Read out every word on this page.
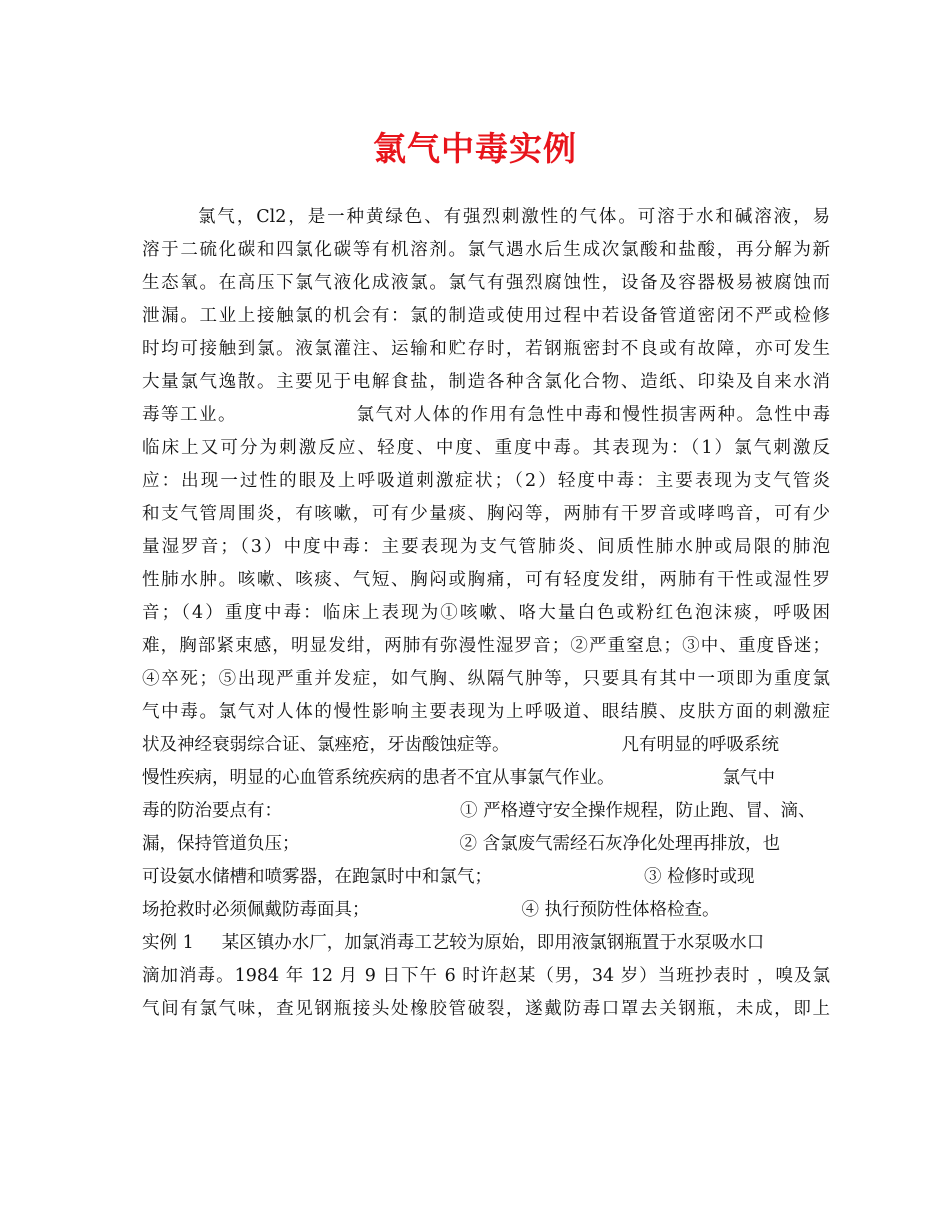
氯气中毒实例
氯气，Cl2，是一种黄绿色、有强烈刺激性的气体。可溶于水和碱溶液，易
溶于二硫化碳和四氯化碳等有机溶剂。氯气遇水后生成次氯酸和盐酸，再分解为新
生态氧。在高压下氯气液化成液氯。氯气有强烈腐蚀性，设备及容器极易被腐蚀而
泄漏。工业上接触氯的机会有：氯的制造或使用过程中若设备管道密闭不严或检修
时均可接触到氯。液氯灌注、运输和贮存时，若钢瓶密封不良或有故障，亦可发生
大量氯气逸散。主要见于电解食盐，制造各种含氯化合物、造纸、印染及自来水消
毒等工业。	氯气对人体的作用有急性中毒和慢性损害两种。急性中毒
临床上又可分为刺激反应、轻度、中度、重度中毒。其表现为：（1）氯气刺激反
应：出现一过性的眼及上呼吸道刺激症状；（2）轻度中毒：主要表现为支气管炎
和支气管周围炎，有咳嗽，可有少量痰、胸闷等，两肺有干罗音或哮鸣音，可有少
量湿罗音；（3）中度中毒：主要表现为支气管肺炎、间质性肺水肿或局限的肺泡
性肺水肿。咳嗽、咳痰、气短、胸闷或胸痛，可有轻度发绀，两肺有干性或湿性罗
音；（4）重度中毒：临床上表现为①咳嗽、咯大量白色或粉红色泡沫痰，呼吸困
难，胸部紧束感，明显发绀，两肺有弥漫性湿罗音；②严重窒息；③中、重度昏迷；
④卒死；⑤出现严重并发症，如气胸、纵隔气肿等，只要具有其中一项即为重度氯
气中毒。氯气对人体的慢性影响主要表现为上呼吸道、眼结膜、皮肤方面的刺激症
状及神经衰弱综合证、氯痤疮，牙齿酸蚀症等。	凡有明显的呼吸系统
慢性疾病，明显的心血管系统疾病的患者不宜从事氯气作业。	氯气中
毒的防治要点有：	① 严格遵守安全操作规程，防止跑、冒、滴、
漏，保持管道负压；	② 含氯废气需经石灰净化处理再排放，也
可设氨水储槽和喷雾器，在跑氯时中和氯气；	③ 检修时或现
场抢救时必须佩戴防毒面具；	④ 执行预防性体格检查。
实例 1 某区镇办水厂，加氯消毒工艺较为原始，即用液氯钢瓶置于水泵吸水口
滴加消毒。1984 年 12 月 9 日下午 6 时许赵某（男，34 岁）当班抄表时 ，嗅及氯
气间有氯气味，查见钢瓶接头处橡胶管破裂，遂戴防毒口罩去关钢瓶，未成，即上
